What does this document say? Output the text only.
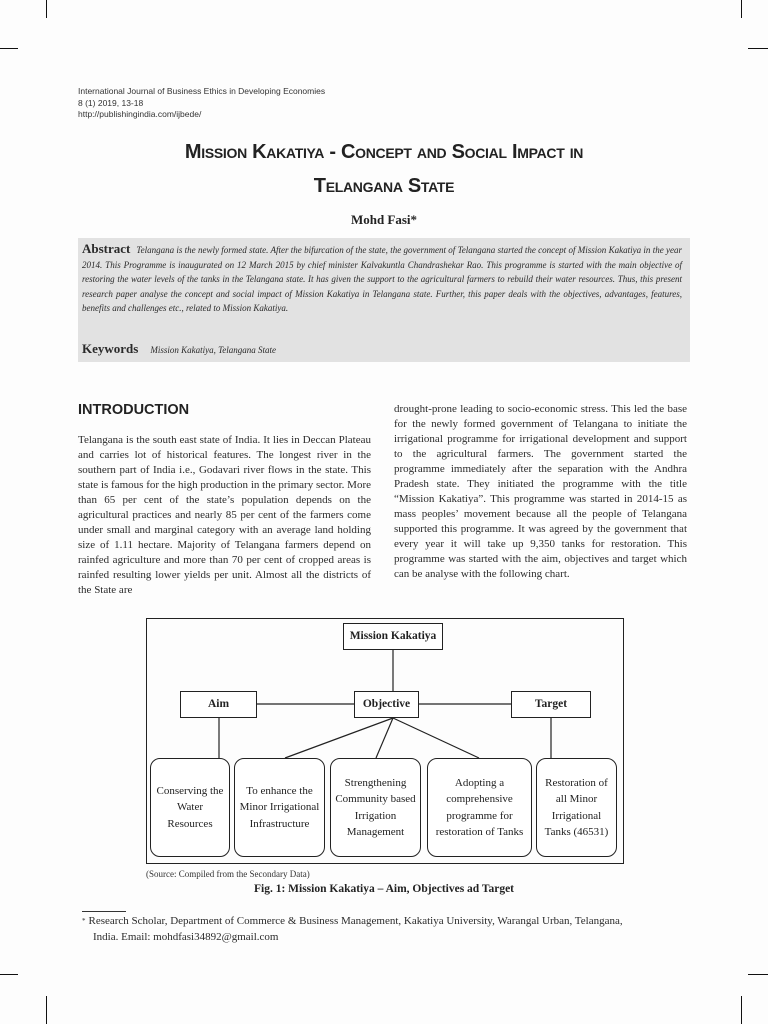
International Journal of Business Ethics in Developing Economies
8 (1) 2019, 13-18
http://publishingindia.com/ijbede/
Mission Kakatiya - Concept and Social Impact in
Telangana State
Mohd Fasi*
Abstract Telangana is the newly formed state. After the bifurcation of the state, the government of Telangana started the concept of Mission Kakatiya in the year 2014. This Programme is inaugurated on 12 March 2015 by chief minister Kalvakuntla Chandrashekar Rao. This programme is started with the main objective of restoring the water levels of the tanks in the Telangana state. It has given the support to the agricultural farmers to rebuild their water resources. Thus, this present research paper analyse the concept and social impact of Mission Kakatiya in Telangana state. Further, this paper deals with the objectives, advantages, features, benefits and challenges etc., related to Mission Kakatiya.
Keywords Mission Kakatiya, Telangana State
INTRODUCTION
Telangana is the south east state of India. It lies in Deccan Plateau and carries lot of historical features. The longest river in the southern part of India i.e., Godavari river flows in the state. This state is famous for the high production in the primary sector. More than 65 per cent of the state’s population depends on the agricultural practices and nearly 85 per cent of the farmers come under small and marginal category with an average land holding size of 1.11 hectare. Majority of Telangana farmers depend on rainfed agriculture and more than 70 per cent of cropped areas is rainfed resulting lower yields per unit. Almost all the districts of the State are
drought-prone leading to socio-economic stress. This led the base for the newly formed government of Telangana to initiate the irrigational programme for irrigational development and support to the agricultural farmers. The government started the programme immediately after the separation with the Andhra Pradesh state. They initiated the programme with the title “Mission Kakatiya”. This programme was started in 2014-15 as mass peoples’ movement because all the people of Telangana supported this programme. It was agreed by the government that every year it will take up 9,350 tanks for restoration. This programme was started with the aim, objectives and target which can be analyse with the following chart.
Mission Kakatiya
Aim	Objective	Target
Conserving the Water Resources
To enhance the Minor Irrigational Infrastructure
Strengthening Community based Irrigation Management
Adopting a comprehensive programme for restoration of Tanks
Restoration of all Minor Irrigational Tanks (46531)
(Source: Compiled from the Secondary Data)
Fig. 1: Mission Kakatiya – Aim, Objectives ad Target
* Research Scholar, Department of Commerce & Business Management, Kakatiya University, Warangal Urban, Telangana,
India. Email: mohdfasi34892@gmail.com
